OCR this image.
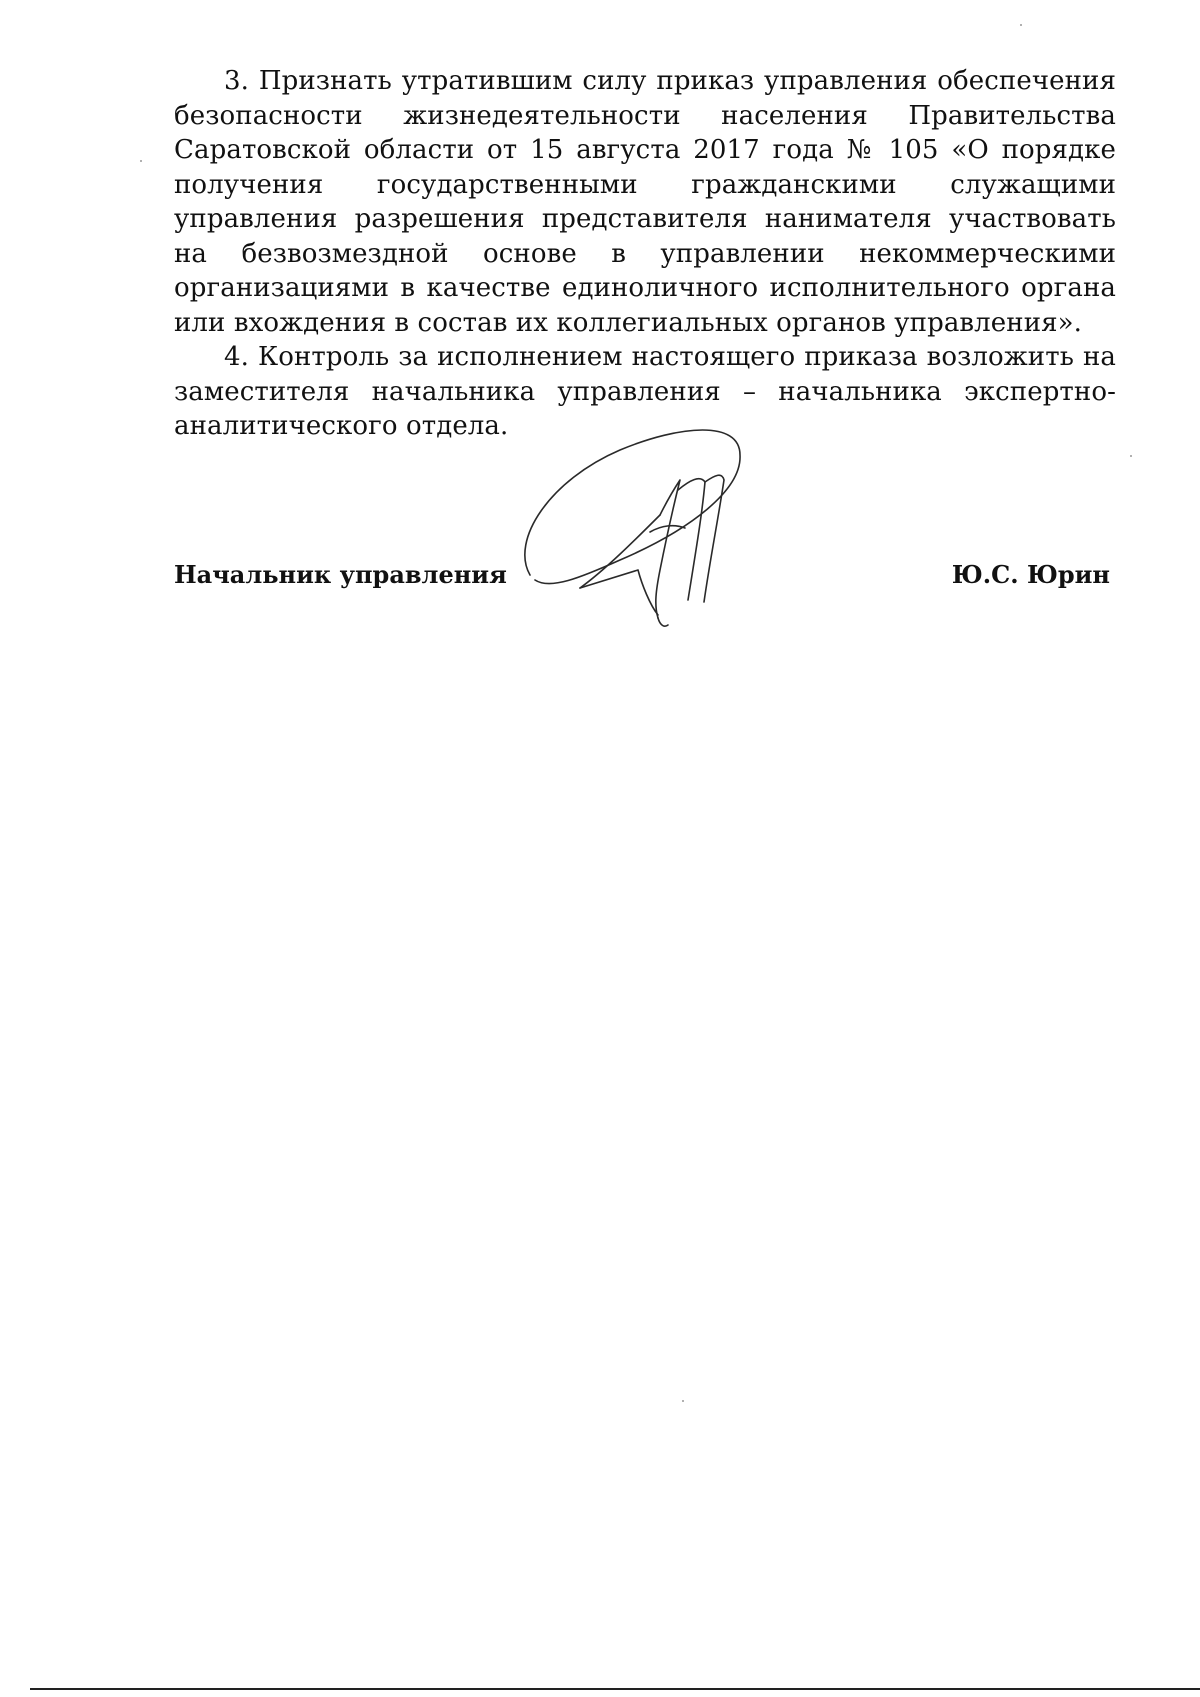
3. Признать утратившим силу приказ управления обеспечения безопасности жизнедеятельности населения Правительства Саратовской области от 15 августа 2017 года № 105 «О порядке получения государственными гражданскими служащими управления разрешения представителя нанимателя участвовать на безвозмездной основе в управлении некоммерческими организациями в качестве единоличного исполнительного органа или вхождения в состав их коллегиальных органов управления».

4. Контроль за исполнением настоящего приказа возложить на заместителя начальника управления – начальника экспертно-аналитического отдела.

Начальник управления	Ю.С. Юрин
